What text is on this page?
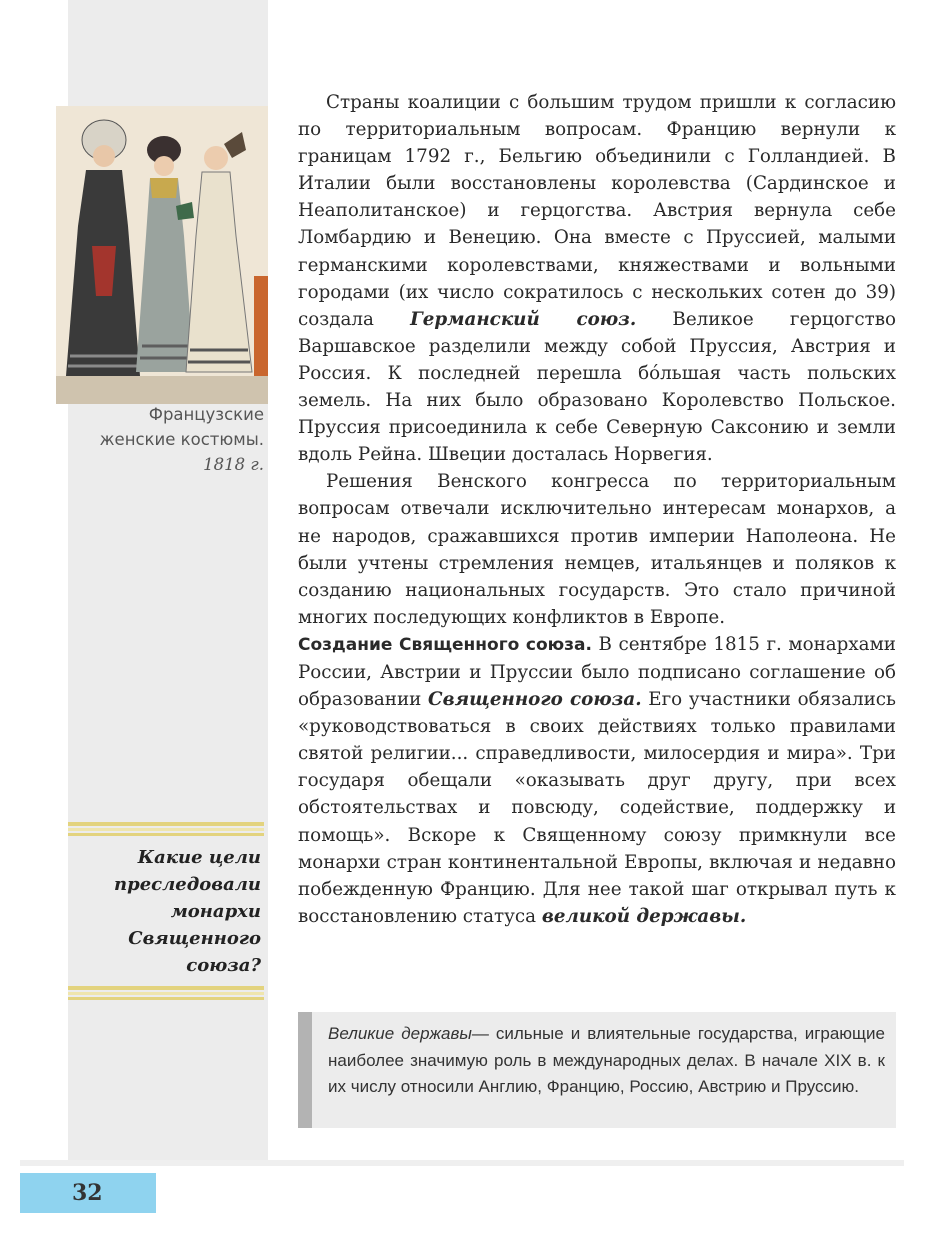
Французские
женские костюмы.
1818 г.
Какие цели
преследовали
монархи
Священного
союза?

Страны коалиции с большим трудом пришли к согласию по территориальным вопросам. Францию вернули к границам 1792 г., Бельгию объединили с Голландией. В Италии были восстановлены королевства (Сардинское и Неаполитанское) и герцогства. Австрия вернула себе Ломбардию и Венецию. Она вместе с Пруссией, малыми германскими королевствами, княжествами и вольными городами (их число сократилось с нескольких сотен до 39) создала Германский союз. Великое герцогство Варшавское разделили между собой Пруссия, Австрия и Россия. К последней перешла бóльшая часть польских земель. На них было образовано Королевство Польское. Пруссия присоединила к себе Северную Саксонию и земли вдоль Рейна. Швеции досталась Норвегия.

Решения Венского конгресса по территориальным вопросам отвечали исключительно интересам монархов, а не народов, сражавшихся против империи Наполеона. Не были учтены стремления немцев, итальянцев и поляков к созданию национальных государств. Это стало причиной многих последующих конфликтов в Европе.

Создание Священного союза. В сентябре 1815 г. монархами России, Австрии и Пруссии было подписано соглашение об образовании Священного союза. Его участники обязались «руководствоваться в своих действиях только правилами святой религии... справедливости, милосердия и мира». Три государя обещали «оказывать друг другу, при всех обстоятельствах и повсюду, содействие, поддержку и помощь». Вскоре к Священному союзу примкнули все монархи стран континентальной Европы, включая и недавно побежденную Францию. Для нее такой шаг открывал путь к восстановлению статуса великой державы.

Великие державы— сильные и влиятельные государства, играющие наиболее значимую роль в международных делах. В начале XIX в. к их числу относили Англию, Францию, Россию, Австрию и Пруссию.
32
